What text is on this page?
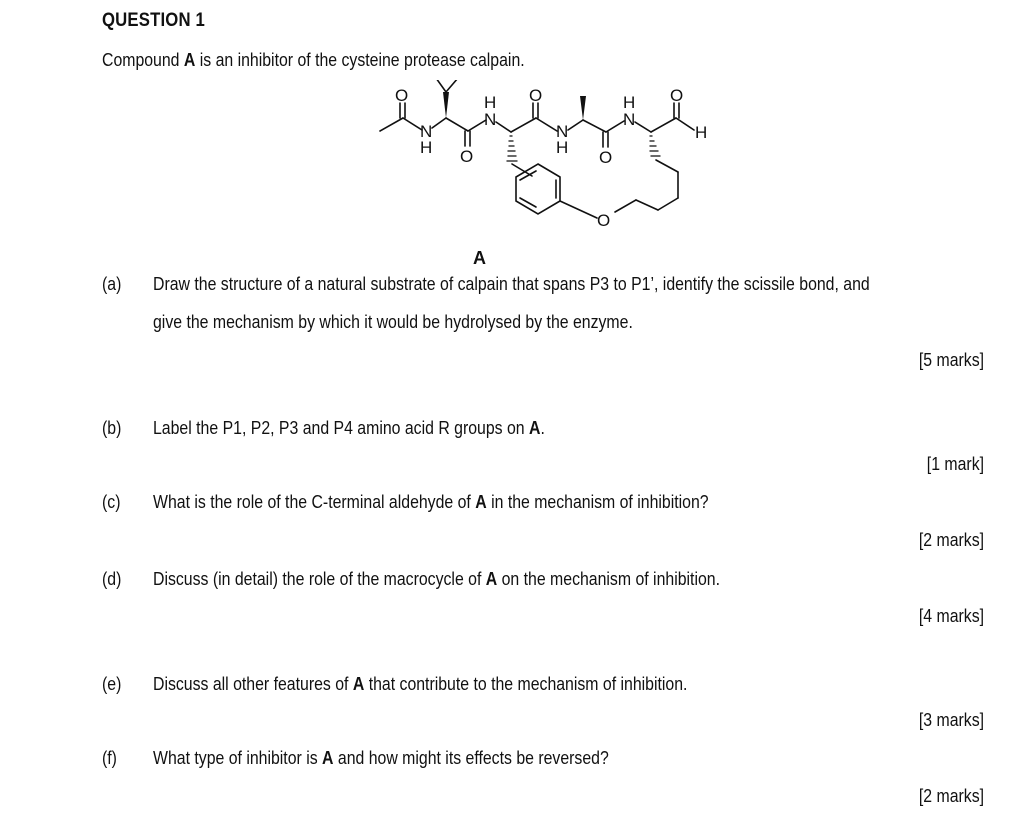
QUESTION 1
Compound A is an inhibitor of the cysteine protease calpain.
O
N
H O
H
N
O
N
H
O
H
N
O
H
O
A
(a) Draw the structure of a natural substrate of calpain that spans P3 to P1’, identify the scissile bond, and
give the mechanism by which it would be hydrolysed by the enzyme.
[5 marks]
(b) Label the P1, P2, P3 and P4 amino acid R groups on A.
[1 mark]
(c) What is the role of the C-terminal aldehyde of A in the mechanism of inhibition?
[2 marks]
(d) Discuss (in detail) the role of the macrocycle of A on the mechanism of inhibition.
[4 marks]
(e) Discuss all other features of A that contribute to the mechanism of inhibition.
[3 marks]
(f) What type of inhibitor is A and how might its effects be reversed?
[2 marks]
